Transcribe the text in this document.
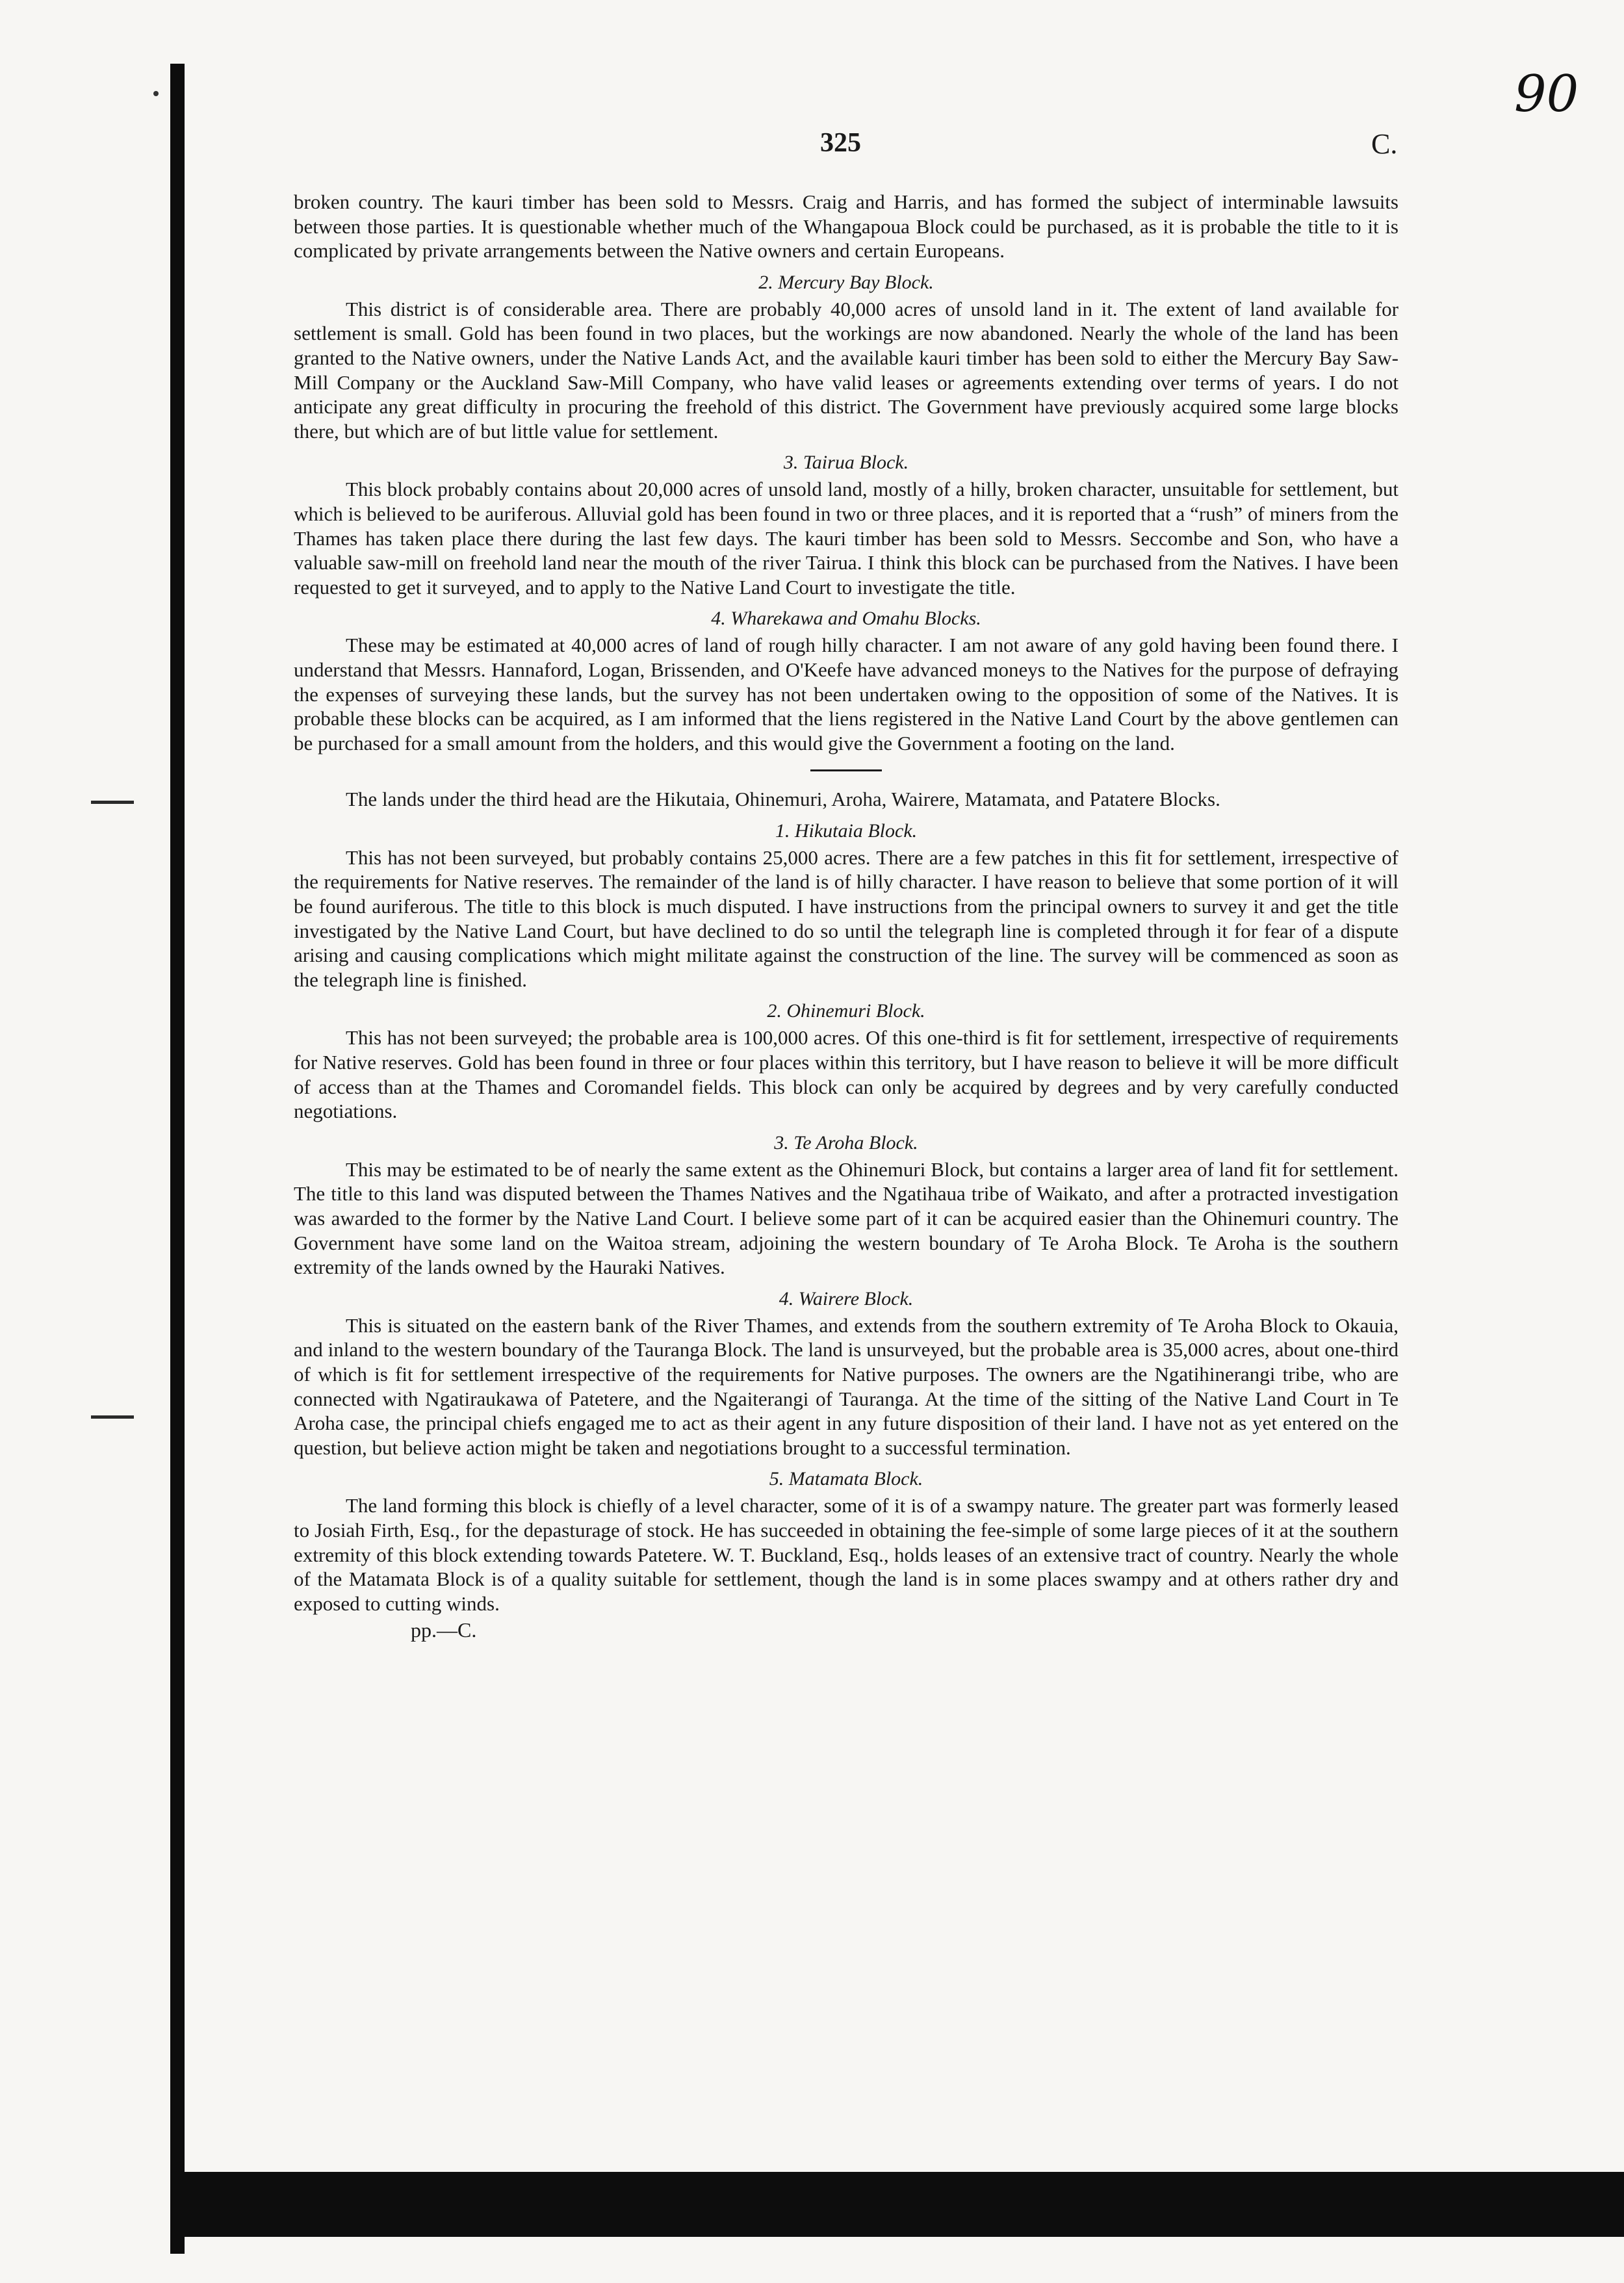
90
325	C.

broken country. The kauri timber has been sold to Messrs. Craig and Harris, and has formed the subject of interminable lawsuits between those parties. It is questionable whether much of the Whangapoua Block could be purchased, as it is probable the title to it is complicated by private arrangements between the Native owners and certain Europeans.

2. Mercury Bay Block.

This district is of considerable area. There are probably 40,000 acres of unsold land in it. The extent of land available for settlement is small. Gold has been found in two places, but the workings are now abandoned. Nearly the whole of the land has been granted to the Native owners, under the Native Lands Act, and the available kauri timber has been sold to either the Mercury Bay Saw-Mill Company or the Auckland Saw-Mill Company, who have valid leases or agreements extending over terms of years. I do not anticipate any great difficulty in procuring the freehold of this district. The Government have previously acquired some large blocks there, but which are of but little value for settlement.

3. Tairua Block.

This block probably contains about 20,000 acres of unsold land, mostly of a hilly, broken character, unsuitable for settlement, but which is believed to be auriferous. Alluvial gold has been found in two or three places, and it is reported that a “rush” of miners from the Thames has taken place there during the last few days. The kauri timber has been sold to Messrs. Seccombe and Son, who have a valuable saw-mill on freehold land near the mouth of the river Tairua. I think this block can be purchased from the Natives. I have been requested to get it surveyed, and to apply to the Native Land Court to investigate the title.

4. Wharekawa and Omahu Blocks.

These may be estimated at 40,000 acres of land of rough hilly character. I am not aware of any gold having been found there. I understand that Messrs. Hannaford, Logan, Brissenden, and O'Keefe have advanced moneys to the Natives for the purpose of defraying the expenses of surveying these lands, but the survey has not been undertaken owing to the opposition of some of the Natives. It is probable these blocks can be acquired, as I am informed that the liens registered in the Native Land Court by the above gentlemen can be purchased for a small amount from the holders, and this would give the Government a footing on the land.

The lands under the third head are the Hikutaia, Ohinemuri, Aroha, Wairere, Matamata, and Patatere Blocks.

1. Hikutaia Block.

This has not been surveyed, but probably contains 25,000 acres. There are a few patches in this fit for settlement, irrespective of the requirements for Native reserves. The remainder of the land is of hilly character. I have reason to believe that some portion of it will be found auriferous. The title to this block is much disputed. I have instructions from the principal owners to survey it and get the title investigated by the Native Land Court, but have declined to do so until the telegraph line is completed through it for fear of a dispute arising and causing complications which might militate against the construction of the line. The survey will be commenced as soon as the telegraph line is finished.

2. Ohinemuri Block.

This has not been surveyed; the probable area is 100,000 acres. Of this one-third is fit for settlement, irrespective of requirements for Native reserves. Gold has been found in three or four places within this territory, but I have reason to believe it will be more difficult of access than at the Thames and Coromandel fields. This block can only be acquired by degrees and by very carefully conducted negotiations.

3. Te Aroha Block.

This may be estimated to be of nearly the same extent as the Ohinemuri Block, but contains a larger area of land fit for settlement. The title to this land was disputed between the Thames Natives and the Ngatihaua tribe of Waikato, and after a protracted investigation was awarded to the former by the Native Land Court. I believe some part of it can be acquired easier than the Ohinemuri country. The Government have some land on the Waitoa stream, adjoining the western boundary of Te Aroha Block. Te Aroha is the southern extremity of the lands owned by the Hauraki Natives.

4. Wairere Block.

This is situated on the eastern bank of the River Thames, and extends from the southern extremity of Te Aroha Block to Okauia, and inland to the western boundary of the Tauranga Block. The land is unsurveyed, but the probable area is 35,000 acres, about one-third of which is fit for settlement irrespective of the requirements for Native purposes. The owners are the Ngatihinerangi tribe, who are connected with Ngatiraukawa of Patetere, and the Ngaiterangi of Tauranga. At the time of the sitting of the Native Land Court in Te Aroha case, the principal chiefs engaged me to act as their agent in any future disposition of their land. I have not as yet entered on the question, but believe action might be taken and negotiations brought to a successful termination.

5. Matamata Block.

The land forming this block is chiefly of a level character, some of it is of a swampy nature. The greater part was formerly leased to Josiah Firth, Esq., for the depasturage of stock. He has succeeded in obtaining the fee-simple of some large pieces of it at the southern extremity of this block extending towards Patetere. W. T. Buckland, Esq., holds leases of an extensive tract of country. Nearly the whole of the Matamata Block is of a quality suitable for settlement, though the land is in some places swampy and at others rather dry and exposed to cutting winds.

pp.—C.
